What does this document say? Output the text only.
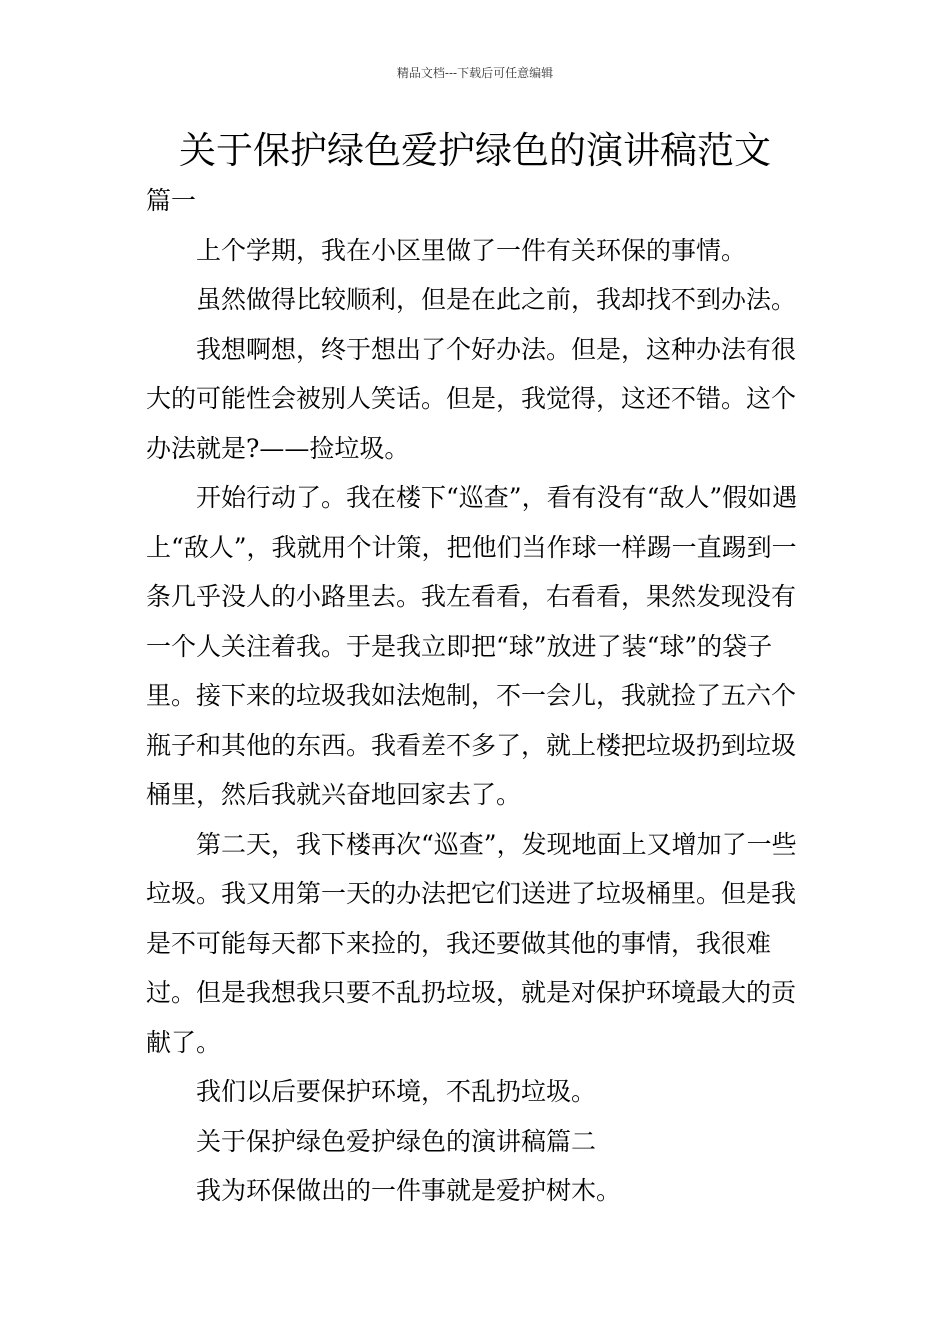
精品文档---下载后可任意编辑
关于保护绿色爱护绿色的演讲稿范文

篇一

上个学期，我在小区里做了一件有关环保的事情。

虽然做得比较顺利，但是在此之前，我却找不到办法。

我想啊想，终于想出了个好办法。但是，这种办法有很大的可能性会被别人笑话。但是，我觉得，这还不错。这个办法就是?——捡垃圾。

开始行动了。我在楼下“巡查”，看有没有“敌人”假如遇上“敌人”，我就用个计策，把他们当作球一样踢一直踢到一条几乎没人的小路里去。我左看看，右看看，果然发现没有一个人关注着我。于是我立即把“球”放进了装“球”的袋子里。接下来的垃圾我如法炮制，不一会儿，我就捡了五六个瓶子和其他的东西。我看差不多了，就上楼把垃圾扔到垃圾桶里，然后我就兴奋地回家去了。

第二天，我下楼再次“巡查”，发现地面上又增加了一些垃圾。我又用第一天的办法把它们送进了垃圾桶里。但是我是不可能每天都下来捡的，我还要做其他的事情，我很难过。但是我想我只要不乱扔垃圾，就是对保护环境最大的贡献了。

我们以后要保护环境，不乱扔垃圾。

关于保护绿色爱护绿色的演讲稿篇二

我为环保做出的一件事就是爱护树木。
